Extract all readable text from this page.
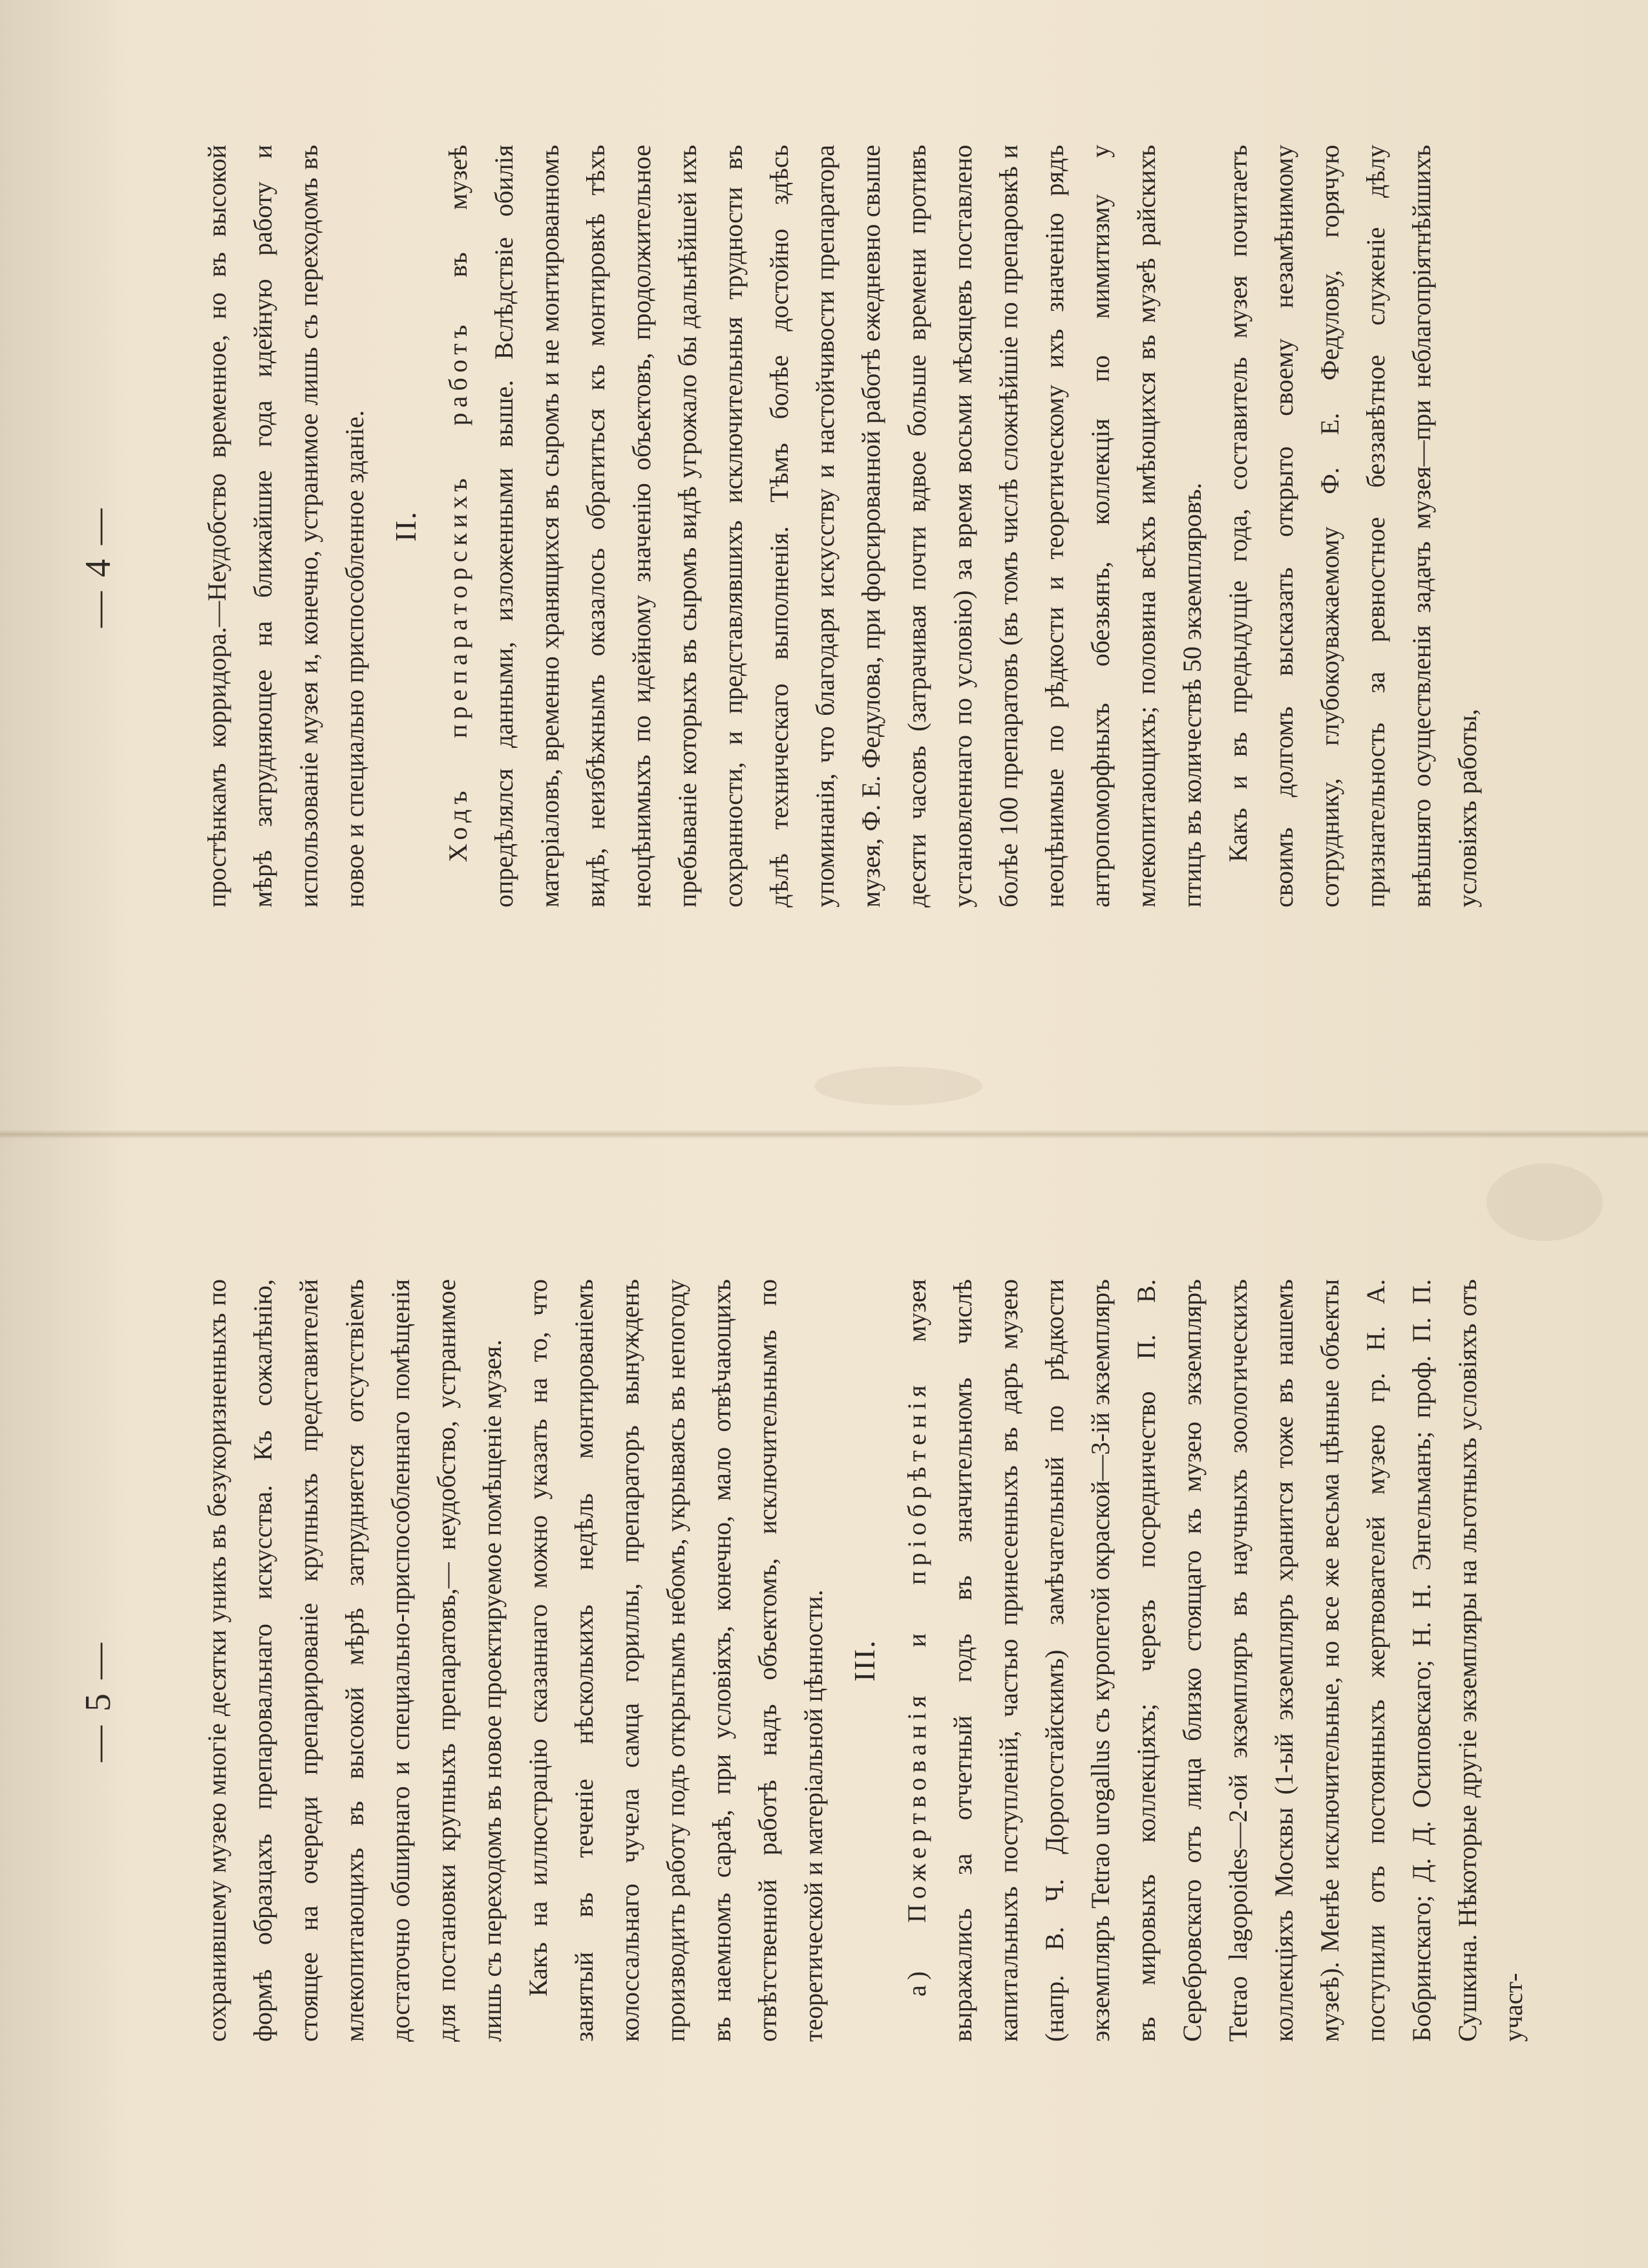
— 4 —	простѣнкамъ корридора.—Неудобство временное, но въ высокой мѣрѣ затрудняющее на ближайшие года идейную работу и использованіе музея и, конечно, устранимое лишь съ переходомъ въ новое и специально приспособленное зданіе. II. Ходъ препараторскихъ работъ въ музеѣ опредѣлялся данными, изложенными выше. Вслѣдствіе обилія матеріаловъ, временно хранящихся въ сыромъ и не монтированномъ видѣ, неизбѣжнымъ оказалось обратиться къ монтировкѣ тѣхъ неоцѣнимыхъ по идейному значенію объектовъ, продолжительное пребываніе которыхъ въ сыромъ видѣ угрожало бы дальнѣйшей ихъ сохранности, и представлявшихъ исключительныя трудности въ дѣлѣ техническаго выполненія. Тѣмъ болѣе достойно здѣсь упоминанія, что благодаря искусству и настойчивости препаратора музея, Ф. Е. Федулова, при форсированной работѣ ежедневно свыше десяти часовъ (затрачивая почти вдвое больше времени противъ установленнаго по условію) за время восьми мѣсяцевъ поставлено болѣе 100 препаратовъ (въ томъ числѣ сложнѣйшіе по препаровкѣ и неоцѣнимые по рѣдкости и теоретическому ихъ значенію рядъ антропоморфныхъ обезьянъ, коллекція по мимитизму у млекопитающихъ; половина всѣхъ имѣющихся въ музеѣ райскихъ птицъ въ количествѣ 50 экземпляровъ. Какъ и въ предыдущіе года, составитель музея почитаетъ своимъ долгомъ высказать открыто своему незамѣнимому сотруднику, глубокоуважаемому Ф. Е. Федулову, горячую признательность за ревностное беззавѣтное служеніе дѣлу внѣшняго осуществленія задачъ музея—при неблагопріятнѣйшихъ условіяхъ работы,

— 5 —	сохранившему музею многіе десятки уникъ въ безукоризненныхъ по формѣ образцахъ препаровальнаго искусства. Къ сожалѣнію, стоящее на очереди препарированіе крупныхъ представителей млекопитающихъ въ высокой мѣрѣ затрудняется отсутствіемъ достаточно обширнаго и специально-приспособленнаго помѣщенія для постановки крупныхъ препаратовъ,— неудобство, устранимое лишь съ переходомъ въ новое проектируемое помѣщеніе музея. Какъ на иллюстрацію сказаннаго можно указать на то, что занятый въ теченіе нѣсколькихъ недѣль монтированіемъ колоссальнаго чучела самца гориллы, препараторъ вынужденъ производить работу подъ открытымъ небомъ, укрываясь въ непогоду въ наемномъ сараѣ, при условіяхъ, конечно, мало отвѣчающихъ отвѣтственной работѣ надъ объектомъ, исключительнымъ по теоретической и матеріальной цѣнности. III. а) Пожертвованія и пріобрѣтенія музея выражались за отчетный годъ въ значительномъ числѣ капитальныхъ поступленій, частью принесенныхъ въ даръ музею (напр. В. Ч. Дорогостайскимъ) замѣчательный по рѣдкости экземпляръ Tetrao urogallus съ куропетой окраской—3-ій экземпляръ въ мировыхъ коллекціяхъ; черезъ посредничество П. В. Серебровскаго отъ лица близко стоящаго къ музею экземпляръ Tetrao lagopoides—2-ой экземпляръ въ научныхъ зоологическихъ коллекціяхъ Москвы (1-ый экземпляръ хранится тоже въ нашемъ музеѣ). Менѣе исключительные, но все же весьма цѣнные объекты поступили отъ постоянныхъ жертвователей музею гр. Н. А. Бобринскаго; Д. Д. Осиповскаго; Н. Н. Энгельманъ; проф. П. П. Сушкина. Нѣкоторые другіе экземпляры на льготныхъ условіяхъ отъ участ-
